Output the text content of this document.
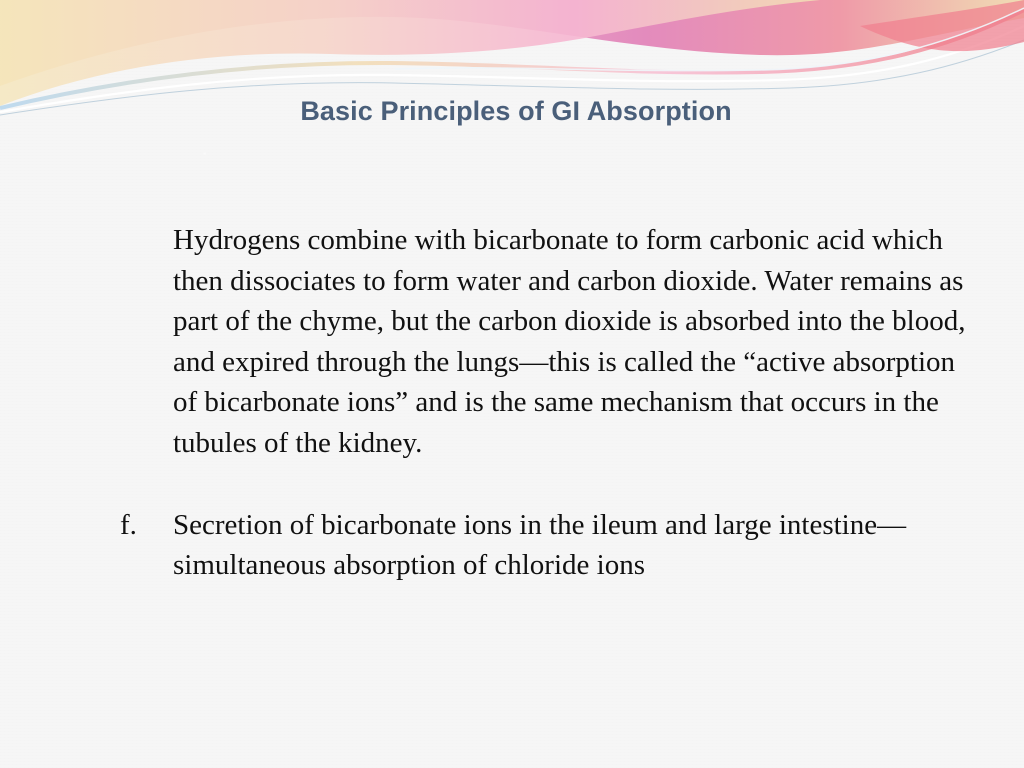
Basic Principles of GI Absorption
Hydrogens combine with bicarbonate to form carbonic acid which then dissociates to form water and carbon dioxide. Water remains as part of the chyme, but the carbon dioxide is absorbed into the blood, and expired through the lungs—this is called the “active absorption of bicarbonate ions” and is the same mechanism that occurs in the tubules of the kidney.
f.	Secretion of bicarbonate ions in the ileum and large intestine—simultaneous absorption of chloride ions
